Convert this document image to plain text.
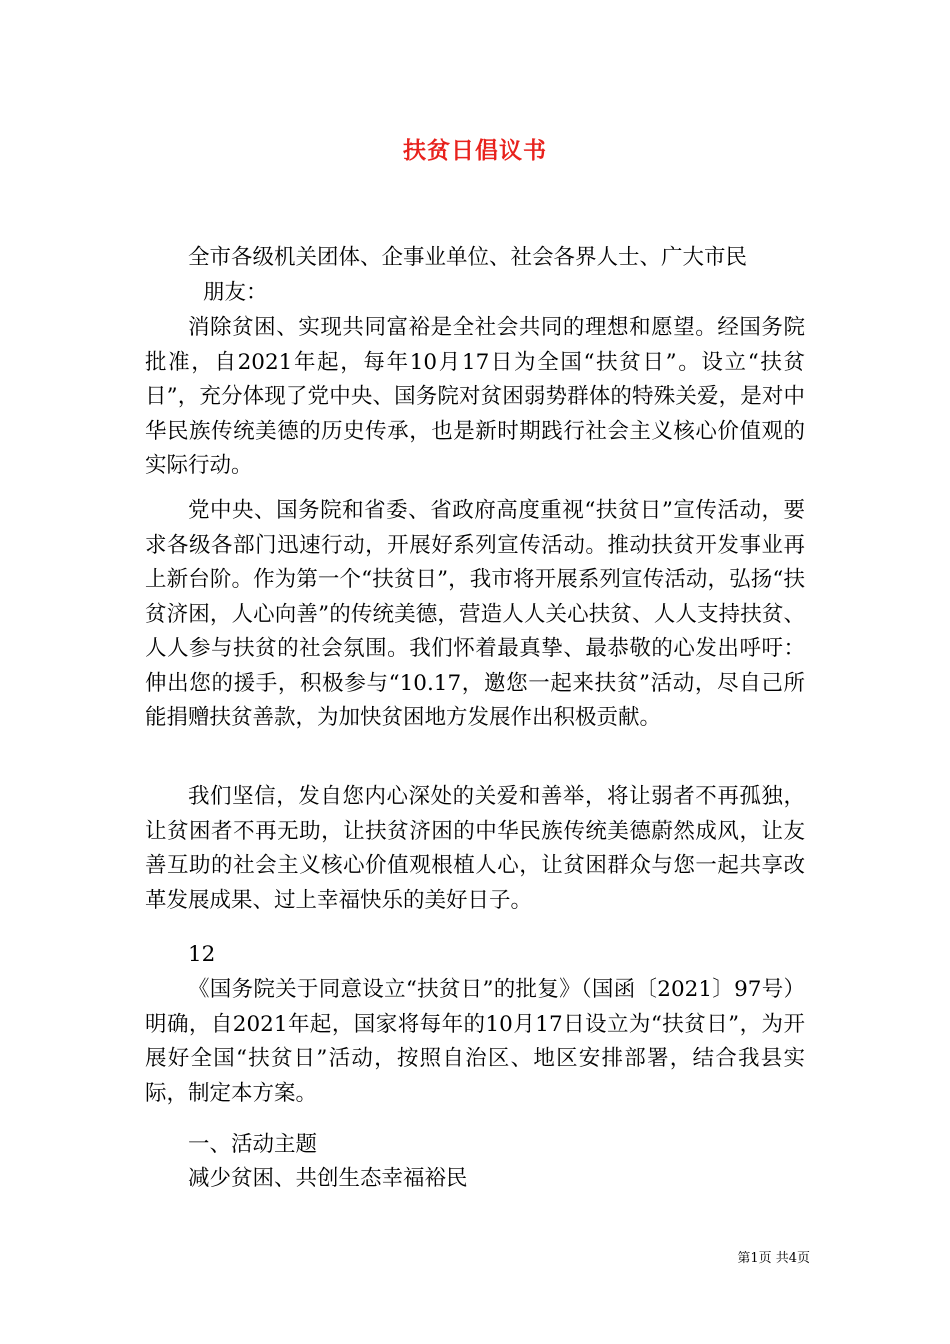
扶贫日倡议书
全市各级机关团体、企事业单位、社会各界人士、广大市民
朋友：

消除贫困、实现共同富裕是全社会共同的理想和愿望。经国务院批准，自2021年起，每年10月17日为全国“扶贫日”。设立“扶贫日”，充分体现了党中央、国务院对贫困弱势群体的特殊关爱，是对中华民族传统美德的历史传承，也是新时期践行社会主义核心价值观的实际行动。

党中央、国务院和省委、省政府高度重视“扶贫日”宣传活动，要求各级各部门迅速行动，开展好系列宣传活动。推动扶贫开发事业再上新台阶。作为第一个“扶贫日”，我市将开展系列宣传活动，弘扬“扶贫济困，人心向善”的传统美德，营造人人关心扶贫、人人支持扶贫、人人参与扶贫的社会氛围。我们怀着最真挚、最恭敬的心发出呼吁：伸出您的援手，积极参与“10.17，邀您一起来扶贫”活动，尽自己所能捐赠扶贫善款，为加快贫困地方发展作出积极贡献。

我们坚信，发自您内心深处的关爱和善举，将让弱者不再孤独，让贫困者不再无助，让扶贫济困的中华民族传统美德蔚然成风，让友善互助的社会主义核心价值观根植人心，让贫困群众与您一起共享改革发展成果、过上幸福快乐的美好日子。

12

《国务院关于同意设立“扶贫日”的批复》（国函〔2021〕97号）明确，自2021年起，国家将每年的10月17日设立为“扶贫日”，为开展好全国“扶贫日”活动，按照自治区、地区安排部署，结合我县实际，制定本方案。

一、活动主题

减少贫困、共创生态幸福裕民

第1页 共4页
